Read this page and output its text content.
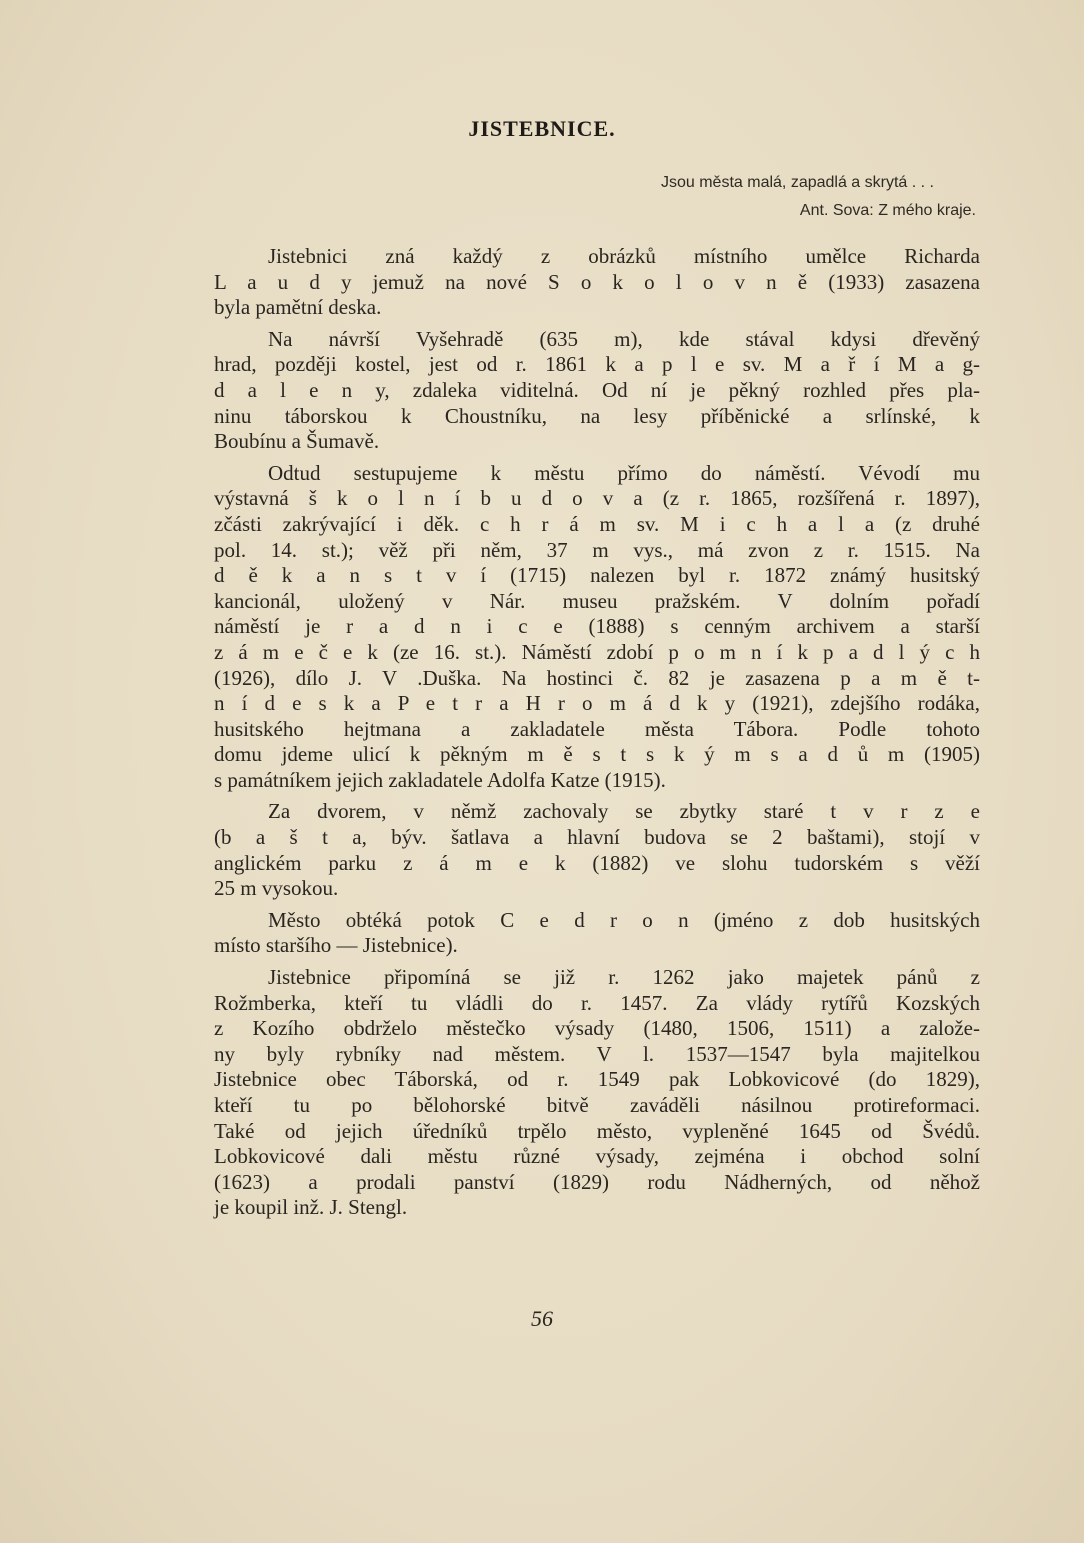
JISTEBNICE.
Jsou města malá, zapadlá a skrytá . . .
Ant. Sova: Z mého kraje.
Jistebnici zná každý z obrázků místního umělce Richarda
L a u d y jemuž na nové S o k o l o v n ě (1933) zasazena
byla pamětní deska.
Na návrší Vyšehradě (635 m), kde stával kdysi dřevěný
hrad, později kostel, jest od r. 1861 k a p l e sv. M a ř í M a g-
d a l e n y, zdaleka viditelná. Od ní je pěkný rozhled přes pla-
ninu táborskou k Choustníku, na lesy příběnické a srlínské, k
Boubínu a Šumavě.
Odtud sestupujeme k městu přímo do náměstí. Vévodí mu
výstavná š k o l n í b u d o v a (z r. 1865, rozšířená r. 1897),
zčásti zakrývající i děk. c h r á m sv. M i c h a l a (z druhé
pol. 14. st.); věž při něm, 37 m vys., má zvon z r. 1515. Na
d ě k a n s t v í (1715) nalezen byl r. 1872 známý husitský
kancionál, uložený v Nár. museu pražském. V dolním pořadí
náměstí je r a d n i c e (1888) s cenným archivem a starší
z á m e č e k (ze 16. st.). Náměstí zdobí p o m n í k p a d l ý c h
(1926), dílo J. V .Duška. Na hostinci č. 82 je zasazena p a m ě t-
n í d e s k a P e t r a H r o m á d k y (1921), zdejšího rodáka,
husitského hejtmana a zakladatele města Tábora. Podle tohoto
domu jdeme ulicí k pěkným m ě s t s k ý m s a d ů m (1905)
s památníkem jejich zakladatele Adolfa Katze (1915).
Za dvorem, v němž zachovaly se zbytky staré t v r z e
(b a š t a, býv. šatlava a hlavní budova se 2 baštami), stojí v
anglickém parku z á m e k (1882) ve slohu tudorském s věží
25 m vysokou.
Město obtéká potok C e d r o n (jméno z dob husitských
místo staršího — Jistebnice).
Jistebnice připomíná se již r. 1262 jako majetek pánů z
Rožmberka, kteří tu vládli do r. 1457. Za vlády rytířů Kozských
z Kozího obdrželo městečko výsady (1480, 1506, 1511) a založe-
ny byly rybníky nad městem. V l. 1537—1547 byla majitelkou
Jistebnice obec Táborská, od r. 1549 pak Lobkovicové (do 1829),
kteří tu po bělohorské bitvě zaváděli násilnou protireformaci.
Také od jejich úředníků trpělo město, vypleněné 1645 od Švédů.
Lobkovicové dali městu různé výsady, zejména i obchod solní
(1623) a prodali panství (1829) rodu Nádherných, od něhož
je koupil inž. J. Stengl.
56
